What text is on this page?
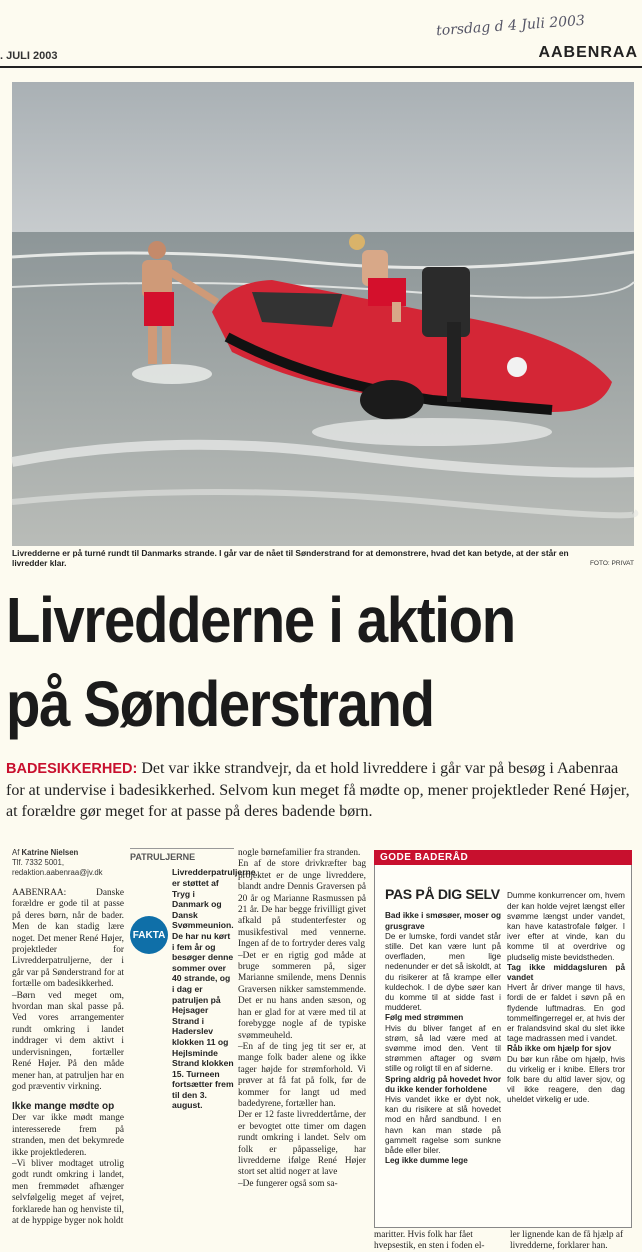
torsdag d 4 Juli 2003
. JULI 2003	AABENRAA
Livredderne er på turné rundt til Danmarks strande. I går var de nået til Sønderstrand for at demonstrere, hvad det kan betyde, at der står en livredder klar.	FOTO: PRIVAT
Livredderne i aktion
på Sønderstrand
BADESIKKERHED: Det var ikke strandvejr, da et hold livreddere i går var på besøg i Aabenraa for at undervise i badesikkerhed. Selvom kun meget få mødte op, mener projektleder René Højer, at forældre gør meget for at passe på deres badende børn.
Af Katrine Nielsen
Tlf. 7332 5001,
redaktion.aabenraa@jv.dk

AABENRAA: Danske forældre er gode til at passe på deres børn, når de bader. Men de kan stadig lære noget. Det mener René Højer, projektleder for Livredderpatruljerne, der i går var på Sønderstrand for at fortælle om badesikkerhed.

–Børn ved meget om, hvordan man skal passe på. Ved vores arrangementer rundt omkring i landet inddrager vi dem aktivt i undervisningen, fortæller René Højer. På den måde mener han, at patruljen har en god præventiv virkning.

Ikke mange mødte op

Der var ikke mødt mange interesserede frem på stranden, men det bekymrede ikke projektlederen.

–Vi bliver modtaget utrolig godt rundt omkring i landet, men fremmødet afhænger selvfølgelig meget af vejret, forklarede han og henviste til, at de hyppige byger nok holdt

PATRULJERNE
Livredderpatruljerne er støttet af Tryg i Danmark og Dansk Svømmeunion. De har nu kørt i fem år og besøger denne sommer over 40 strande, og i dag er patruljen på Hejsager Strand i Haderslev klokken 11 og Hejlsminde Strand klokken 15. Turneen fortsætter frem til den 3. august.
FAKTA

nogle børnefamilier fra stranden.

En af de store drivkræfter bag projektet er de unge livreddere, blandt andre Dennis Graversen på 20 år og Marianne Rasmussen på 21 år. De har begge frivilligt givet afkald på studenterfester og musikfestival med vennerne. Ingen af de to fortryder deres valg

–Det er en rigtig god måde at bruge sommeren på, siger Marianne smilende, mens Dennis Graversen nikker samstemmende. Det er nu hans anden sæson, og han er glad for at være med til at forebygge nogle af de typiske svømmeuheld.

–En af de ting jeg tit ser er, at mange folk bader alene og ikke tager højde for strømforhold. Vi prøver at få fat på folk, før de kommer for langt ud med badedyrene, fortæller han.

Der er 12 faste livreddertårne, der er bevogtet otte timer om dagen rundt omkring i landet. Selv om folk er påpasselige, har livredderne ifølge René Højer stort set altid nogет at lave

–De fungerer også som sa-

GODE BADERÅD
PAS PÅ DIG SELV

Bad ikke i smøsøer, moser og grusgrave

De er lumske, fordi vandet står stille. Det kan være lunt på overfladen, men lige nedenunder er det så iskoldt, at du risikerer at få krampe eller kuldechok. I de dybe søer kan du komme til at sidde fast i mudderet.

Følg med strømmen

Hvis du bliver fanget af en strøm, så lad være med at svømme imod den. Vent til strømmen aftager og svøm stille og roligt til en af siderne.

Spring aldrig på hovedet hvor du ikke kender forholdene

Hvis vandet ikke er dybt nok, kan du risikere at slå hovedet mod en hård sandbund. I en havn kan man støde på gammelt ragelse som sunkne både eller biler.

Leg ikke dumme lege

Dumme konkurrencer om, hvem der kan holde vejret længst eller svømme længst under vandet, kan have katastrofale følger. I iver efter at vinde, kan du komme til at overdrive og pludselig miste bevidstheden.

Tag ikke middagsluren på vandet

Hvert år driver mange til havs, fordi de er faldet i søvn på en flydende luftmadras. En god tommelfingerregel er, at hvis der er fralandsvind skal du slet ikke tage madrassen med i vandet.

Råb ikke om hjælp for sjov

Du bør kun råbe om hjælp, hvis du virkelig er i knibe. Ellers tror folk bare du altid laver sjov, og vil ikke reagere, den dag uheldet virkelig er ude.

maritter. Hvis folk har fået hvepsestik, en sten i foden el-
ler lignende kan de få hjælp af livredderne, forklarer han.
